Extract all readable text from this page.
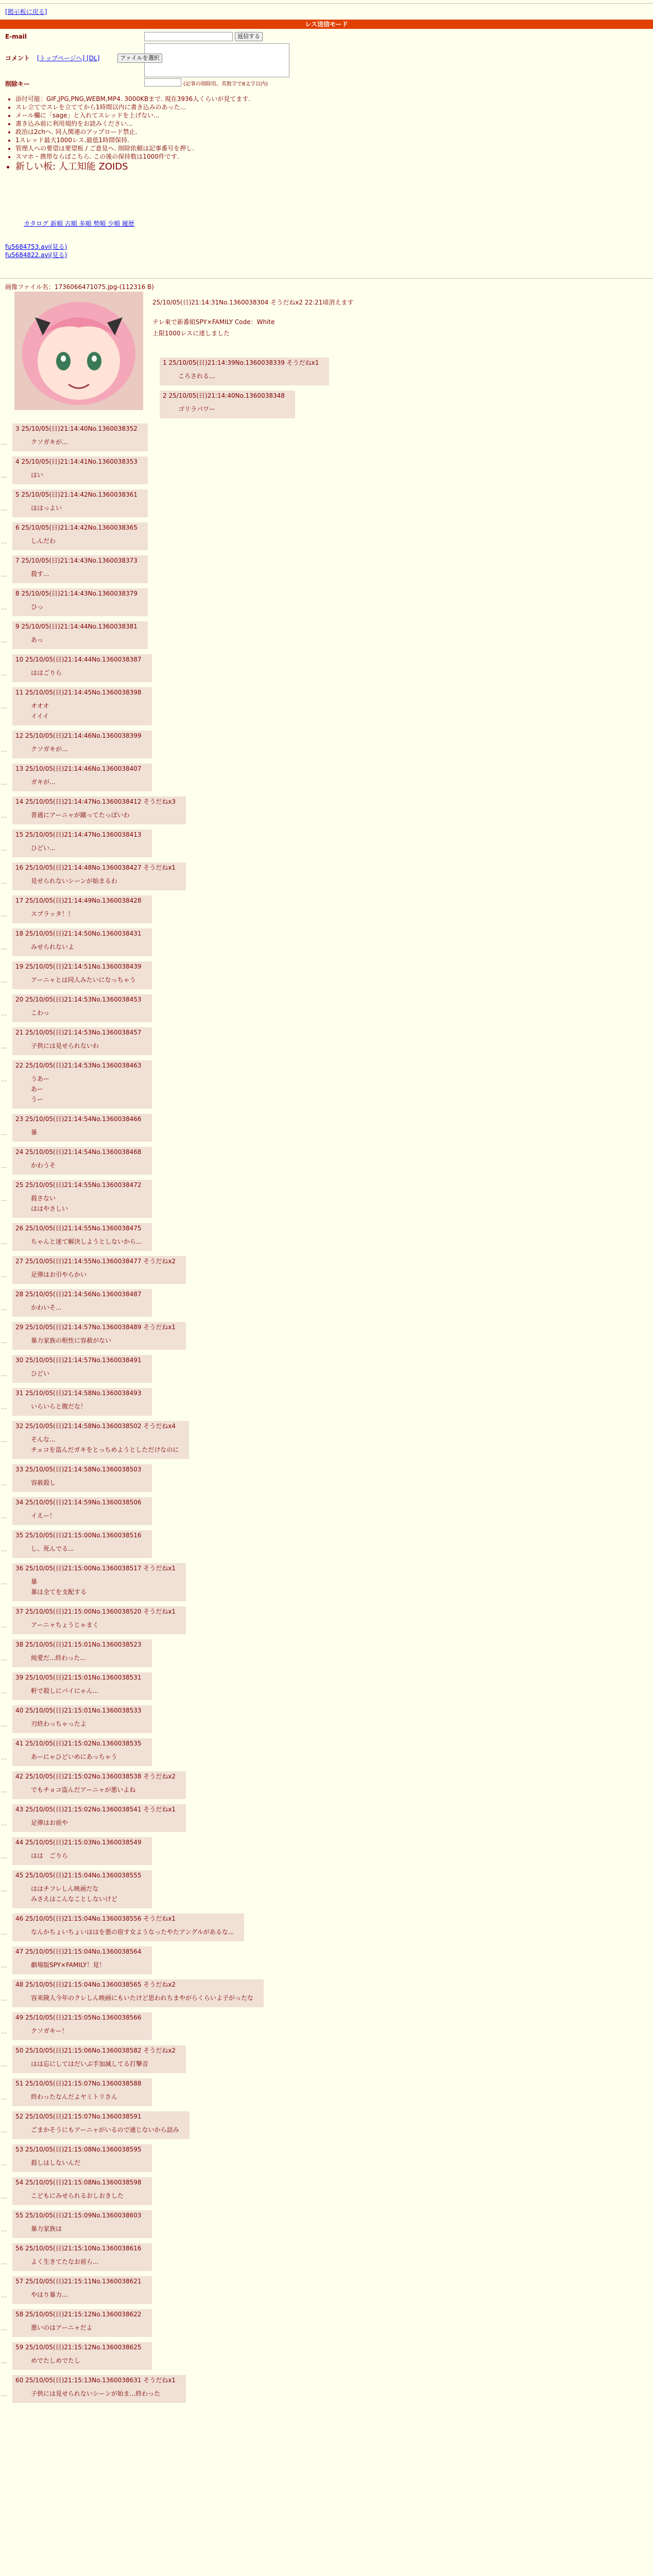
[掲示板に戻る]
レス送信モード
E-mail	返信する
コメント [トップページへ] [DL]	ファイルを選択
削除キー	(記事の削除用。英数字で8文字以内)
• 添付可能：GIF,JPG,PNG,WEBM,MP4. 3000KBまで. 現在3936人くらいが見てます.
• スレ立てでスレを立ててから1時間以内に書き込みのあった...
• メール欄に「sage」と入れてスレッドを上げない...
• 書き込み前に利用規約をお読みください...
• 政治は2chへ. 同人関連のアップロード禁止.
• 1スレッド最大1000レス.最低1時間保持.
• 管理人への要望は要望板 / ご意見へ. 削除依頼は記事番号を押し.
• スマホ・携帯ならばこちら. この後の保持数は1000件です.
• 新しい板: 人工知能 ZOIDS
カタログ 新順 古順 多順 勢順 少順 履歴
fu5684753.avi(見る)
fu5684822.avi(見る)
画像ファイル名：1736066471075.jpg-(112316 B)
25/10/05(日)21:14:31No.1360038304 そうだねx2 22:21頃消えます
テレ東で新番組SPY×FAMILY Code：White
上限1000レスに達しました
1 25/10/05(日)21:14:39No.1360038339 そうだねx1
ころされる...
2 25/10/05(日)21:14:40No.1360038348
ゴリラパワー
…
3 25/10/05(日)21:14:40No.1360038352
クソガキが...
…
4 25/10/05(日)21:14:41No.1360038353
はい
…
5 25/10/05(日)21:14:42No.1360038361
ははっよい
…
6 25/10/05(日)21:14:42No.1360038365
しんだわ
…
7 25/10/05(日)21:14:43No.1360038373
殺す...
…
8 25/10/05(日)21:14:43No.1360038379
ひっ
…
9 25/10/05(日)21:14:44No.1360038381
あっ
…
10 25/10/05(日)21:14:44No.1360038387
ははごりら
…
11 25/10/05(日)21:14:45No.1360038398
オオオ
イイイ
…
12 25/10/05(日)21:14:46No.1360038399
クソガキが...
…
13 25/10/05(日)21:14:46No.1360038407
ガキが...
…
14 25/10/05(日)21:14:47No.1360038412 そうだねx3
普通にアーニャが蹴ってたっぽいわ
…
15 25/10/05(日)21:14:47No.1360038413
ひどい...
…
16 25/10/05(日)21:14:48No.1360038427 そうだねx1
見せられないシーンが始まるわ
…
17 25/10/05(日)21:14:49No.1360038428
スプラッタ！！
…
18 25/10/05(日)21:14:50No.1360038431
みせられないよ
…
19 25/10/05(日)21:14:51No.1360038439
アーニャとは同人みたいになっちゃう
…
20 25/10/05(日)21:14:53No.1360038453
こわっ
…
21 25/10/05(日)21:14:53No.1360038457
子供には見せられないわ
…
22 25/10/05(日)21:14:53No.1360038463
うあー
あー
うー
…
23 25/10/05(日)21:14:54No.1360038466
暴
…
24 25/10/05(日)21:14:54No.1360038468
かわうそ
…
25 25/10/05(日)21:14:55No.1360038472
殺さない
ははやさしい
…
26 25/10/05(日)21:14:55No.1360038475
ちゃんと迷て解決しようとしないから...
…
27 25/10/05(日)21:14:55No.1360038477 そうだねx2
足弾はお引やらかい
…
28 25/10/05(日)21:14:56No.1360038487
かわいそ...
…
29 25/10/05(日)21:14:57No.1360038489 そうだねx1
暴力家族の根性に容赦がない
…
30 25/10/05(日)21:14:57No.1360038491
ひどい
…
31 25/10/05(日)21:14:58No.1360038493
いらいらと腹だな！
…
32 25/10/05(日)21:14:58No.1360038502 そうだねx4
そんな...
チェコを盗んだガキをとっちめようとしただけなのに
…
33 25/10/05(日)21:14:58No.1360038503
容赦殺し
…
34 25/10/05(日)21:14:59No.1360038506
イえー！
…
35 25/10/05(日)21:15:00No.1360038516
し、死んでる...
…
36 25/10/05(日)21:15:00No.1360038517 そうだねx1
暴
暴は全てを支配する
…
37 25/10/05(日)21:15:00No.1360038520 そうだねx1
アーニャちょうじゃまく
…
38 25/10/05(日)21:15:01No.1360038523
純愛だ...終わった...
…
39 25/10/05(日)21:15:01No.1360038531
軒で殺しにパイにゃん...
…
40 25/10/05(日)21:15:01No.1360038533
刃終わっちゃったよ
…
41 25/10/05(日)21:15:02No.1360038535
あーにゃひどいめにあっちゃう
…
42 25/10/05(日)21:15:02No.1360038538 そうだねx2
でもチョコ盗んだアーニャが悪いよね
…
43 25/10/05(日)21:15:02No.1360038541 そうだねx1
足弾はお前や
…
44 25/10/05(日)21:15:03No.1360038549
はは　ごりら
…
45 25/10/05(日)21:15:04No.1360038555
ははチフレしん映画だな
みさえはこんなことしないけど
…
46 25/10/05(日)21:15:04No.1360038556 そうだねx1
なんかちょいちょいははを悪の宿す女ようなったやたアングルがあるな...
…
47 25/10/05(日)21:15:04No.1360038564
劇場版SPY×FAMILY！見！
…
48 25/10/05(日)21:15:04No.1360038565 そうだねx2
容来険人今年のクレしん映画にもいたけど思われちまやがらくらいよ子がったな
…
49 25/10/05(日)21:15:05No.1360038566
クソガキー！
…
50 25/10/05(日)21:15:06No.1360038582 そうだねx2
はは忘にしてはだいぶ手加減してる打撃音
…
51 25/10/05(日)21:15:07No.1360038588
終わったなんだよヤミトリさん
…
52 25/10/05(日)21:15:07No.1360038591
ごまかそうにもアーニャがいるので通じないから詰み
…
53 25/10/05(日)21:15:08No.1360038595
殺しはしないんだ
…
54 25/10/05(日)21:15:08No.1360038598
こどもにみせられるおしおきした
…
55 25/10/05(日)21:15:09No.1360038603
暴力家族は
…
56 25/10/05(日)21:15:10No.1360038616
よく生きてたなお前ら...
…
57 25/10/05(日)21:15:11No.1360038621
やはり暴力...
…
58 25/10/05(日)21:15:12No.1360038622
悪いのはアーニャだよ
…
59 25/10/05(日)21:15:12No.1360038625
めでたしめでたし
…
60 25/10/05(日)21:15:13No.1360038631 そうだねx1
子供には見せられないシーンが始ま...終わった
